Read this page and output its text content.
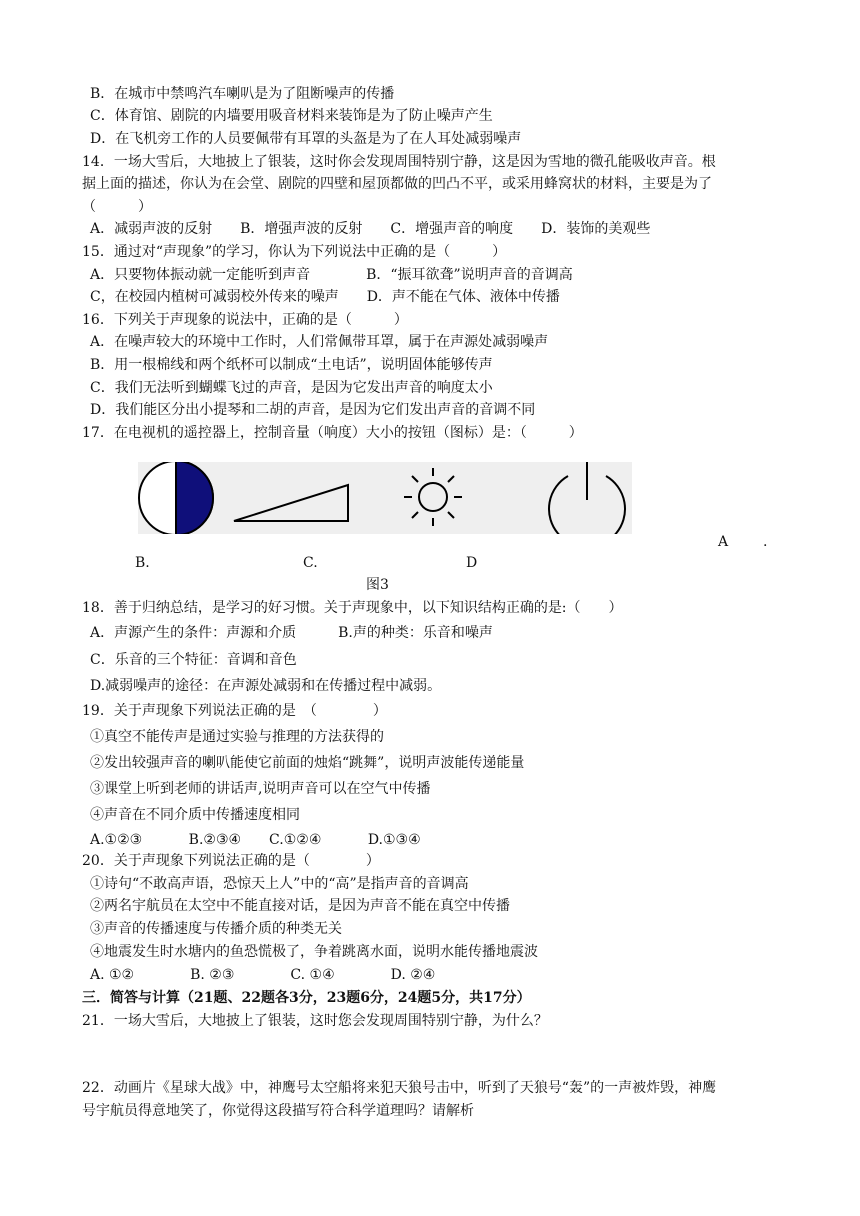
B．在城市中禁鸣汽车喇叭是为了阻断噪声的传播
C．体育馆、剧院的内墙要用吸音材料来装饰是为了防止噪声产生
D．在飞机旁工作的人员要佩带有耳罩的头盔是为了在人耳处减弱噪声
14．一场大雪后，大地披上了银装，这时你会发现周围特别宁静，这是因为雪地的微孔能吸收声音。根
据上面的描述，你认为在会堂、剧院的四壁和屋顶都做的凹凸不平，或采用蜂窝状的材料，主要是为了
（　　　）
A．减弱声波的反射　　B．增强声波的反射　　C．增强声音的响度　　D．装饰的美观些
15．通过对“声现象”的学习，你认为下列说法中正确的是（　　　）
A．只要物体振动就一定能听到声音　　　　B．“振耳欲聋”说明声音的音调高
C，在校园内植树可减弱校外传来的噪声　　D．声不能在气体、液体中传播
16．下列关于声现象的说法中，正确的是（　　　）
A．在噪声较大的环境中工作时，人们常佩带耳罩，属于在声源处减弱噪声
B．用一根棉线和两个纸杯可以制成“土电话”，说明固体能够传声
C．我们无法听到蝴蝶飞过的声音，是因为它发出声音的响度太小
D．我们能区分出小提琴和二胡的声音，是因为它们发出声音的音调不同
17．在电视机的遥控器上，控制音量（响度）大小的按钮（图标）是：（　　　）
A .
B.	C.	D
图3
18．善于归纳总结，是学习的好习惯。关于声现象中，以下知识结构正确的是:（　　）
A．声源产生的条件：声源和介质　　　B.声的种类：乐音和噪声
C．乐音的三个特征：音调和音色
D.减弱噪声的途径：在声源处减弱和在传播过程中减弱。
19．关于声现象下列说法正确的是　（　　　　）
①真空不能传声是通过实验与推理的方法获得的
②发出较强声音的喇叭能使它前面的烛焰“跳舞”，说明声波能传递能量
③课堂上听到老师的讲话声,说明声音可以在空气中传播
④声音在不同介质中传播速度相同
A.①②③　　　 B.②③④　　C.①②④　　　 D.①③④
20．关于声现象下列说法正确的是（　　　　）
①诗句“不敢高声语，恐惊天上人”中的“高”是指声音的音调高
②两名宇航员在太空中不能直接对话，是因为声音不能在真空中传播
③声音的传播速度与传播介质的种类无关
④地震发生时水塘内的鱼恐慌极了，争着跳离水面，说明水能传播地震波
A. ①②　　　　B. ②③　　　　C. ①④　　　　D. ②④
三．简答与计算（21题、22题各3分，23题6分，24题5分，共17分）
21．一场大雪后，大地披上了银装，这时您会发现周围特别宁静，为什么？
22．动画片《星球大战》中，神鹰号太空船将来犯天狼号击中，听到了天狼号“轰”的一声被炸毁，神鹰
号宇航员得意地笑了，你觉得这段描写符合科学道理吗？请解析
